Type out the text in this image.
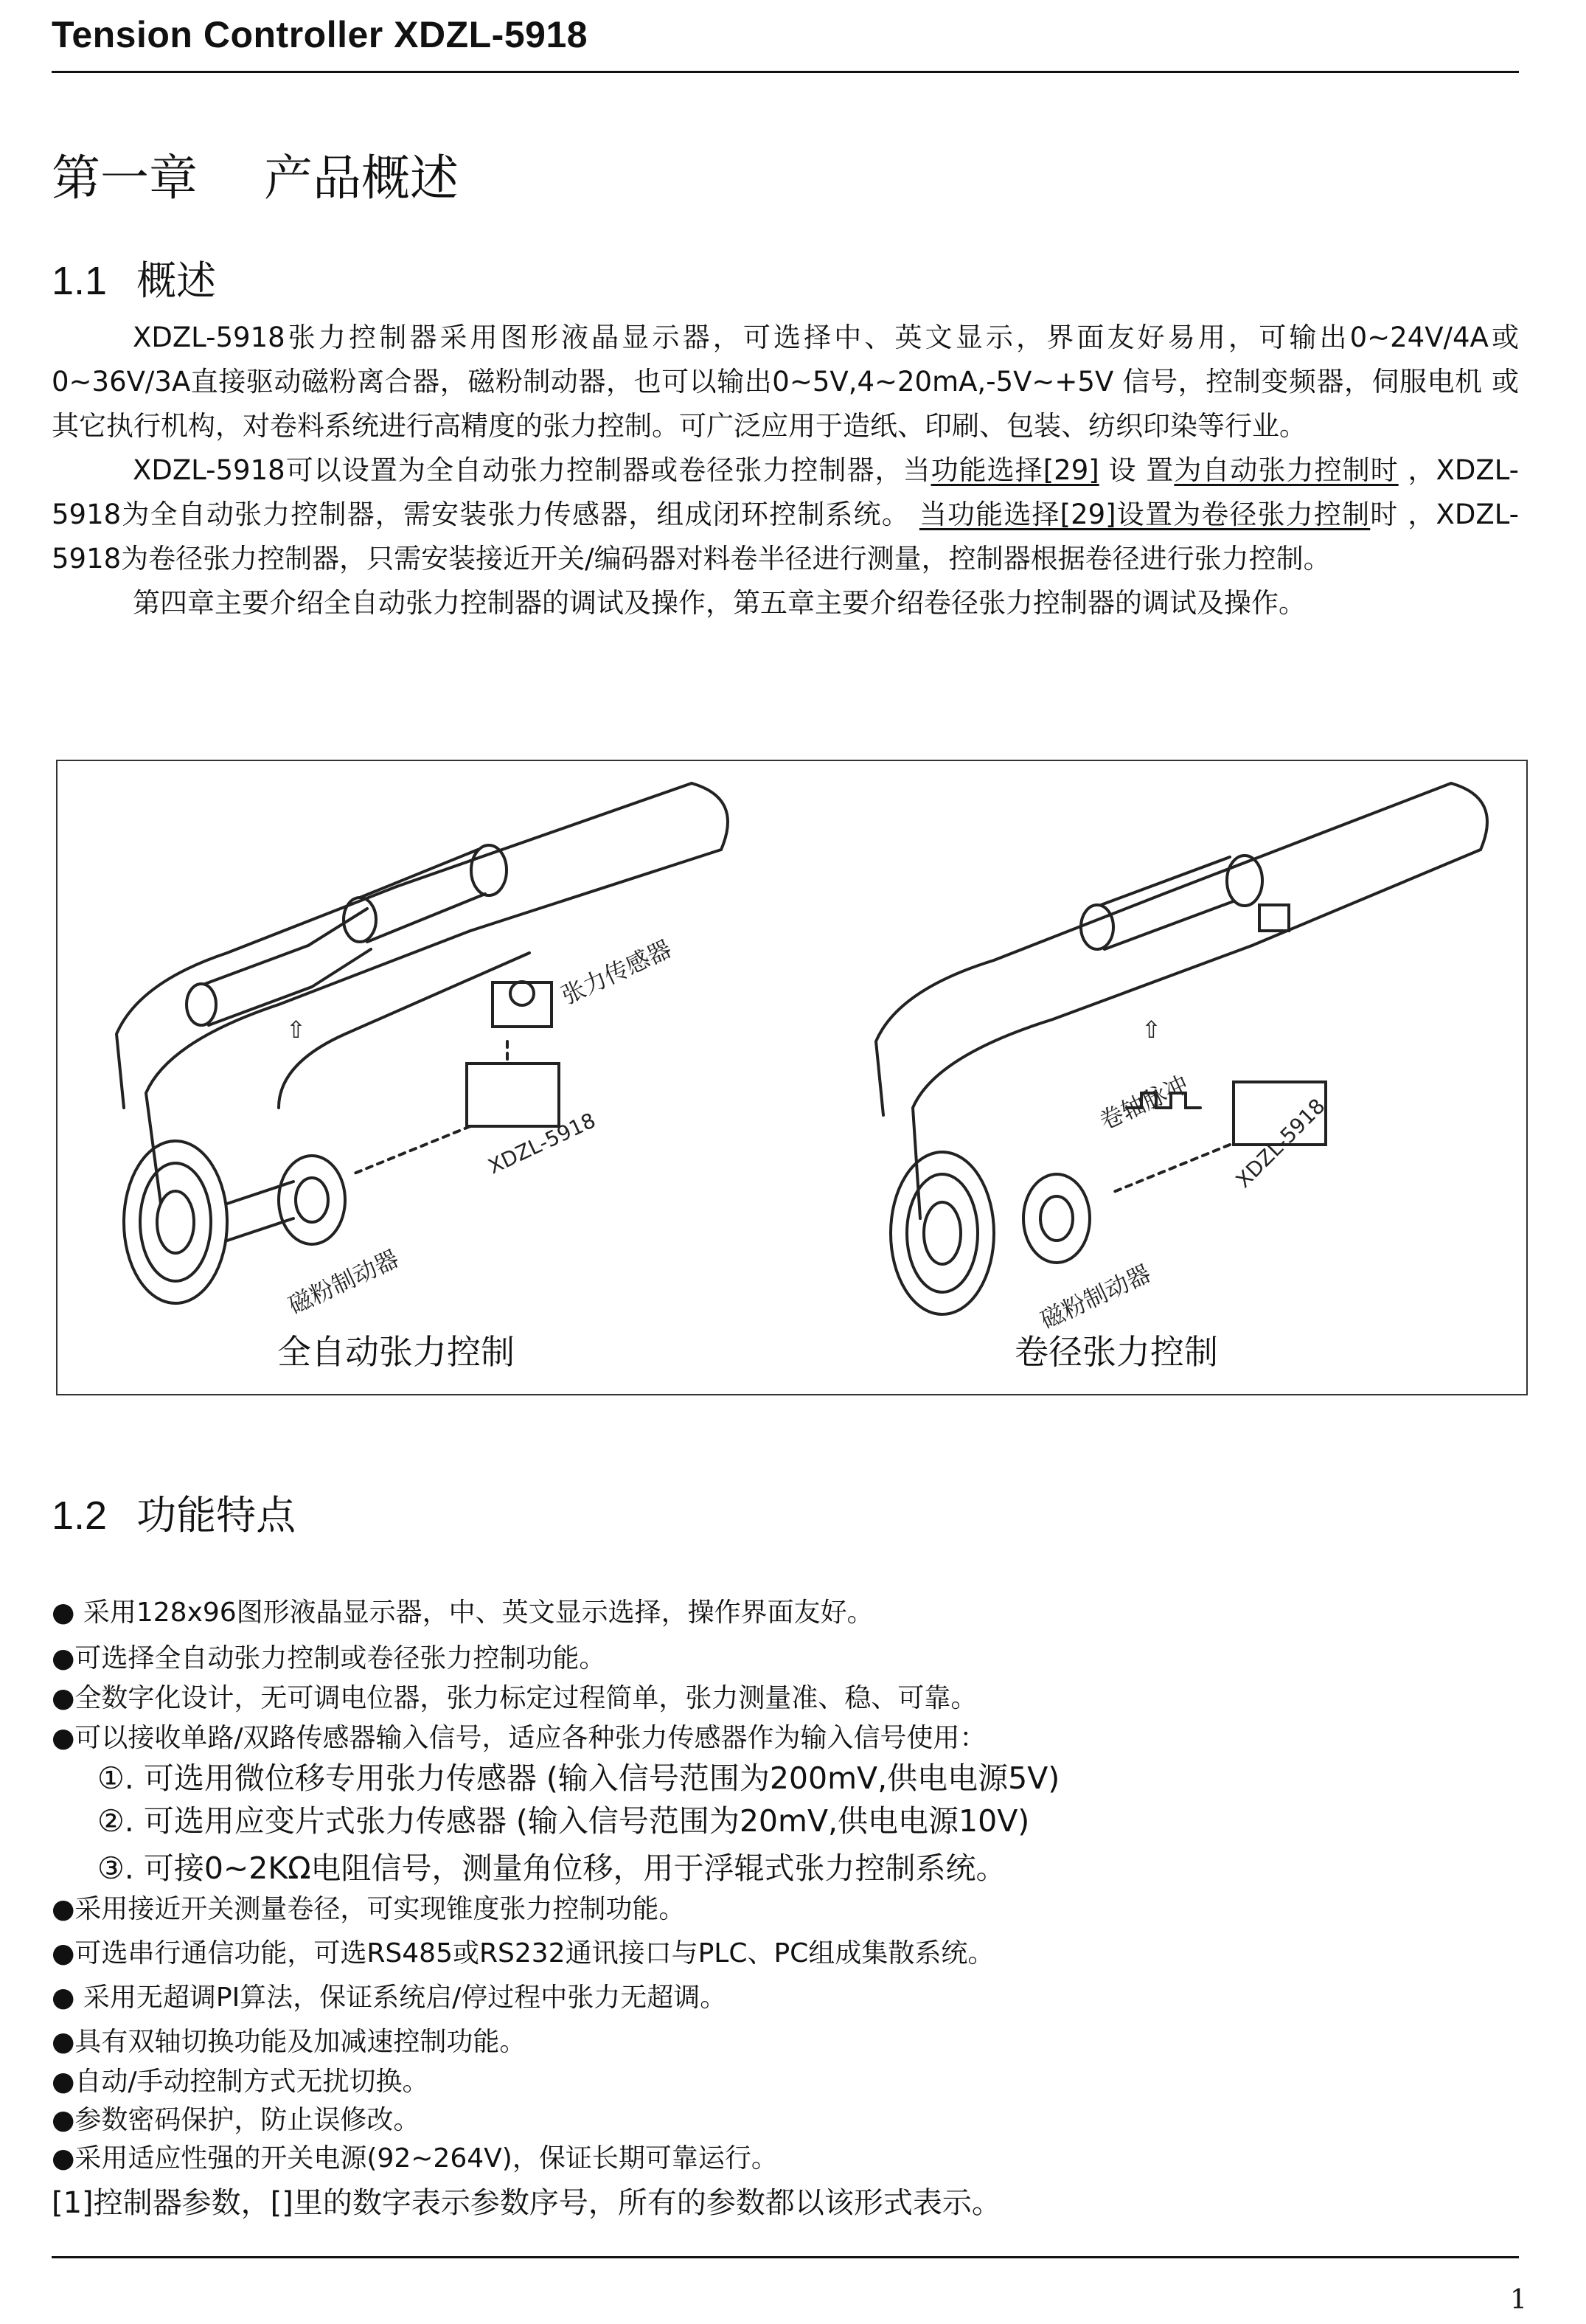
Tension Controller XDZL-5918
第一章 产品概述
1.1 概述

XDZL-5918张力控制器采用图形液晶显示器，可选择中、英文显示，界面友好易用，可输出0~24V/4A或 0~36V/3A直接驱动磁粉离合器，磁粉制动器，也可以输出0~5V,4~20mA,-5V~+5V 信号，控制变频器，伺服电机 或其它执行机构，对卷料系统进行高精度的张力控制。可广泛应用于造纸、印刷、包装、纺织印染等行业。

XDZL-5918可以设置为全自动张力控制器或卷径张力控制器，当功能选择[29] 设 置为自动张力控制时 ，XDZL-5918为全自动张力控制器，需安装张力传感器，组成闭环控制系统。 当功能选择[29]设置为卷径张力控制时 ，XDZL-5918为卷径张力控制器，只需安装接近开关/编码器对料卷半径进行测量，控制器根据卷径进行张力控制。

第四章主要介绍全自动张力控制器的调试及操作，第五章主要介绍卷径张力控制器的调试及操作。

⇧	⇧
张力传感器
XDZL-5918
磁粉制动器
卷轴脉冲 XDZL-5918
磁粉制动器
全自动张力控制	卷径张力控制
1.2 功能特点
● 采用128x96图形液晶显示器，中、英文显示选择，操作界面友好。
●可选择全自动张力控制或卷径张力控制功能。
●全数字化设计，无可调电位器，张力标定过程简单，张力测量准、稳、可靠。
●可以接收单路/双路传感器输入信号，适应各种张力传感器作为输入信号使用：
①. 可选用微位移专用张力传感器 (输入信号范围为200mV,供电电源5V)
②. 可选用应变片式张力传感器 (输入信号范围为20mV,供电电源10V)
③. 可接0~2KΩ电阻信号，测量角位移，用于浮辊式张力控制系统。
●采用接近开关测量卷径，可实现锥度张力控制功能。
●可选串行通信功能，可选RS485或RS232通讯接口与PLC、PC组成集散系统。
● 采用无超调PI算法，保证系统启/停过程中张力无超调。
●具有双轴切换功能及加减速控制功能。
●自动/手动控制方式无扰切换。
●参数密码保护，防止误修改。
●采用适应性强的开关电源(92~264V)，保证长期可靠运行。
[1]控制器参数，[]里的数字表示参数序号，所有的参数都以该形式表示。
1
